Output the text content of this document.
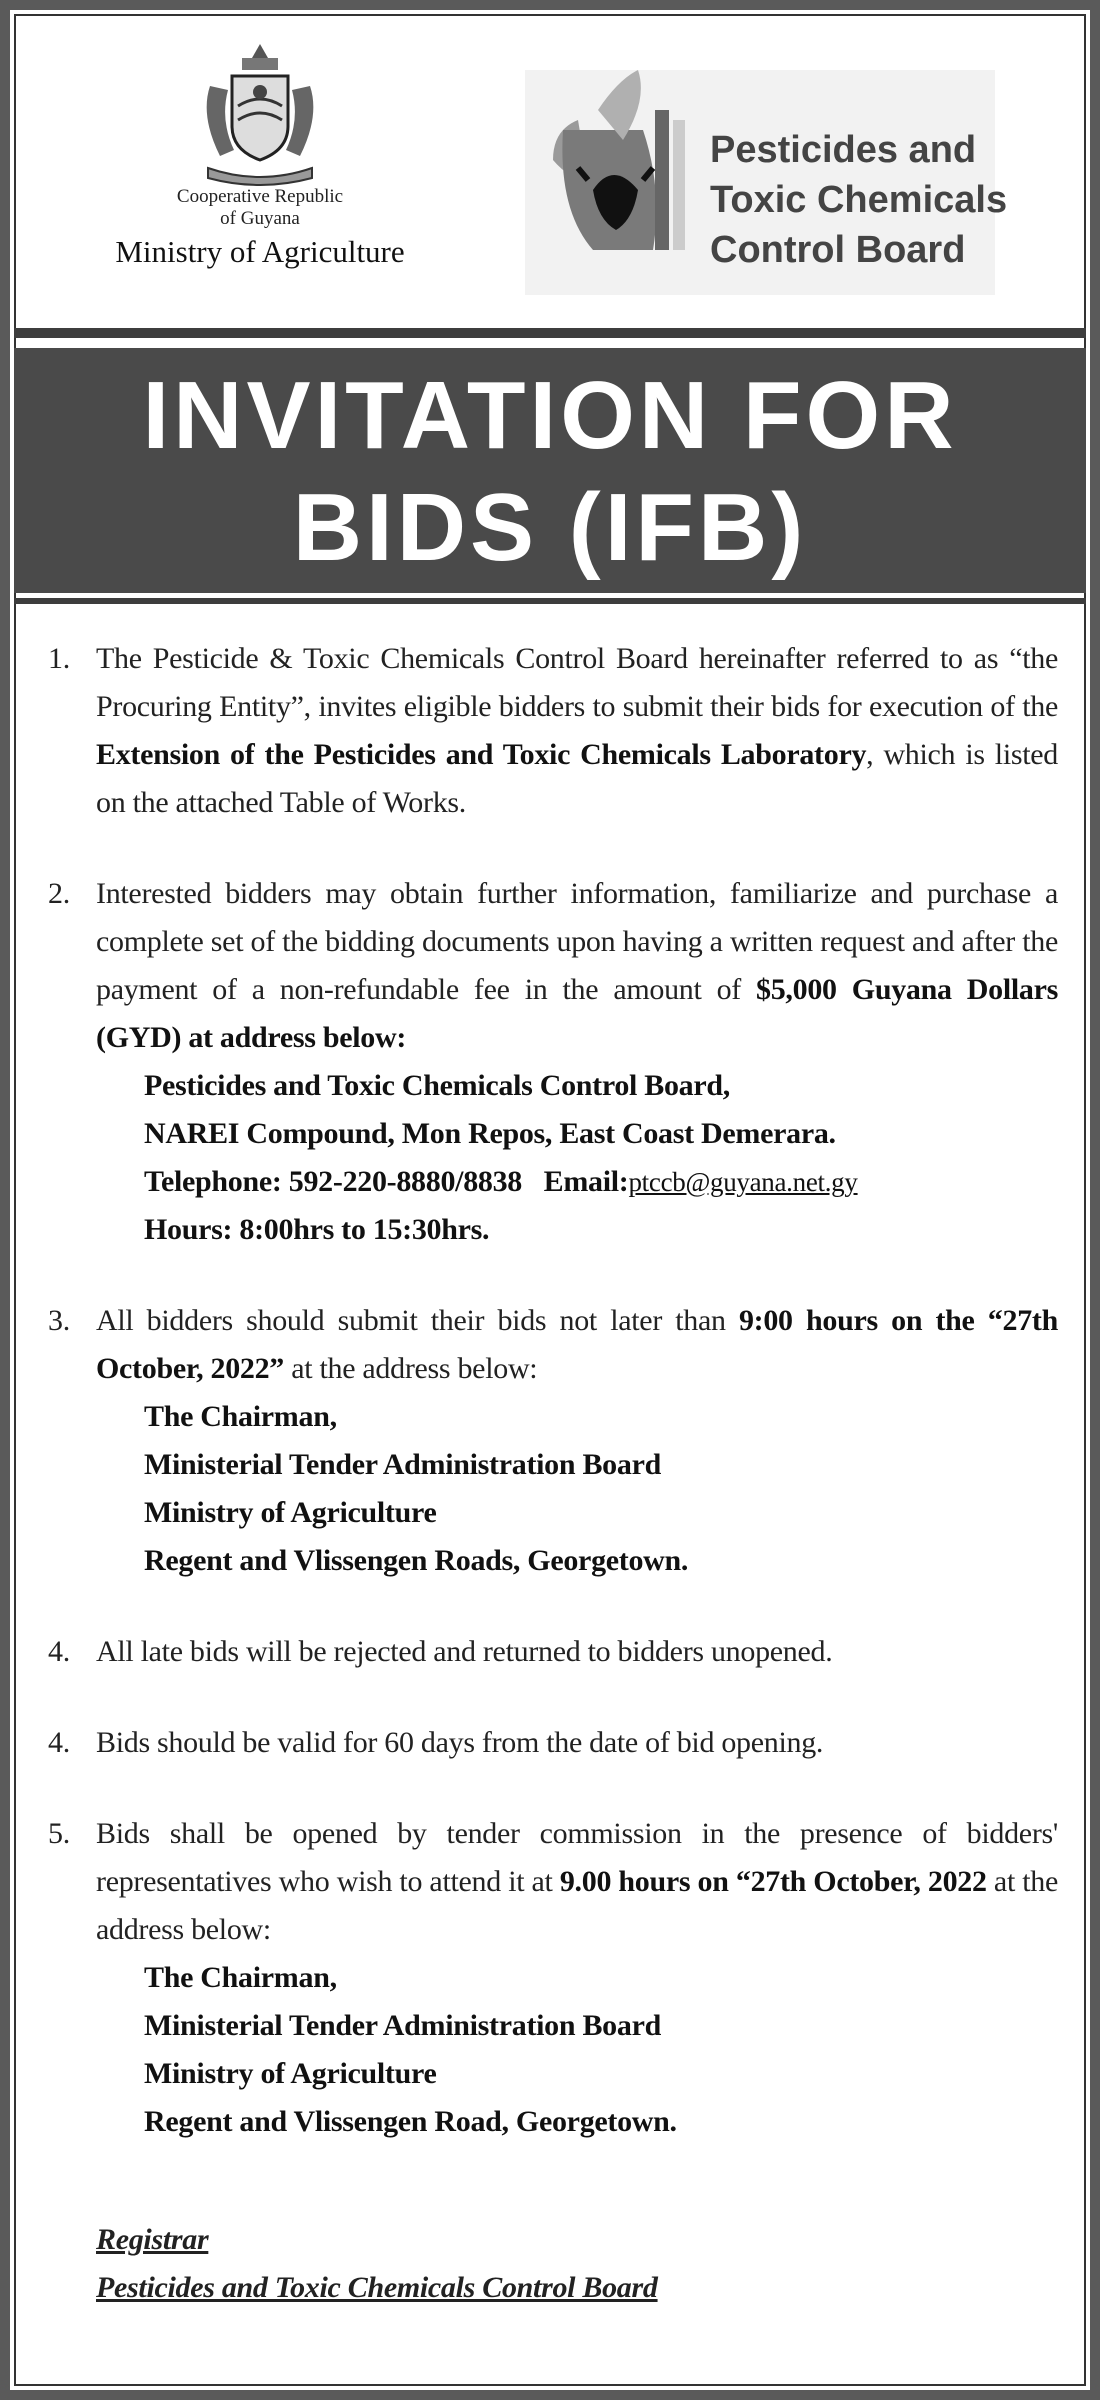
Cooperative Republic
of Guyana
Ministry of Agriculture
Pesticides and
Toxic Chemicals
Control Board
INVITATION FOR
BIDS (IFB)
1. The Pesticide & Toxic Chemicals Control Board hereinafter referred to as “the Procuring Entity”, invites eligible bidders to submit their bids for execution of the Extension of the Pesticides and Toxic Chemicals Laboratory, which is listed on the attached Table of Works.
2. Interested bidders may obtain further information, familiarize and purchase a complete set of the bidding documents upon having a written request and after the payment of a non-refundable fee in the amount of $5,000 Guyana Dollars (GYD) at address below:
Pesticides and Toxic Chemicals Control Board,
NAREI Compound, Mon Repos, East Coast Demerara.
Telephone: 592-220-8880/8838 Email:ptccb@guyana.net.gy
Hours: 8:00hrs to 15:30hrs.
3. All bidders should submit their bids not later than 9:00 hours on the “27th October, 2022” at the address below:
The Chairman,
Ministerial Tender Administration Board
Ministry of Agriculture
Regent and Vlissengen Roads, Georgetown.
4. All late bids will be rejected and returned to bidders unopened.
4. Bids should be valid for 60 days from the date of bid opening.
5. Bids shall be opened by tender commission in the presence of bidders' representatives who wish to attend it at 9.00 hours on “27th October, 2022 at the address below:
The Chairman,
Ministerial Tender Administration Board
Ministry of Agriculture
Regent and Vlissengen Road, Georgetown.
Registrar
Pesticides and Toxic Chemicals Control Board
